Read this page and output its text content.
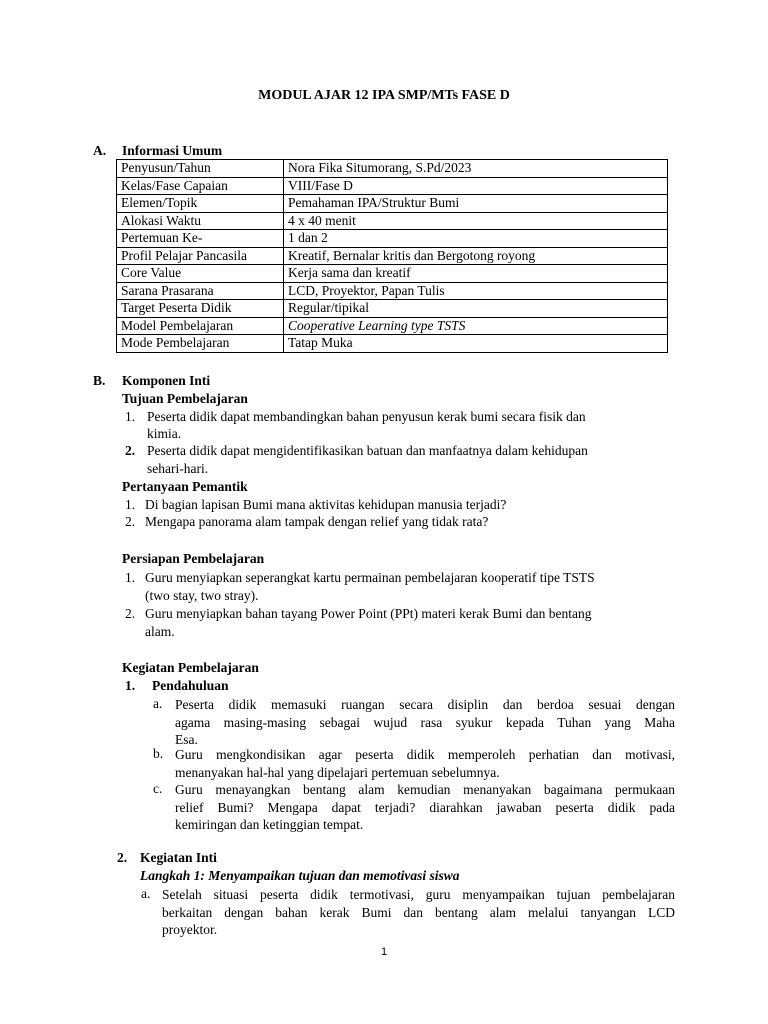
MODUL AJAR 12 IPA SMP/MTs FASE D
A. Informasi Umum
Penyusun/Tahun	Nora Fika Situmorang, S.Pd/2023
Kelas/Fase Capaian	VIII/Fase D
Elemen/Topik	Pemahaman IPA/Struktur Bumi
Alokasi Waktu	4 x 40 menit
Pertemuan Ke-	1 dan 2
Profil Pelajar Pancasila	Kreatif, Bernalar kritis dan Bergotong royong
Core Value	Kerja sama dan kreatif
Sarana Prasarana	LCD, Proyektor, Papan Tulis
Target Peserta Didik	Regular/tipikal
Model Pembelajaran	Cooperative Learning type TSTS
Mode Pembelajaran	Tatap Muka
B. Komponen Inti
Tujuan Pembelajaran
1. Peserta didik dapat membandingkan bahan penyusun kerak bumi secara fisik dan
kimia.
2. Peserta didik dapat mengidentifikasikan batuan dan manfaatnya dalam kehidupan
sehari-hari.
Pertanyaan Pemantik
1. Di bagian lapisan Bumi mana aktivitas kehidupan manusia terjadi?
2. Mengapa panorama alam tampak dengan relief yang tidak rata?
Persiapan Pembelajaran
1. Guru menyiapkan seperangkat kartu permainan pembelajaran kooperatif tipe TSTS
(two stay, two stray).
2. Guru menyiapkan bahan tayang Power Point (PPt) materi kerak Bumi dan bentang
alam.
Kegiatan Pembelajaran
1. Pendahuluan
a. Peserta didik memasuki ruangan secara disiplin dan berdoa sesuai dengan
agama masing-masing sebagai wujud rasa syukur kepada Tuhan yang Maha
Esa.
b. Guru mengkondisikan agar peserta didik memperoleh perhatian dan motivasi,
menanyakan hal-hal yang dipelajari pertemuan sebelumnya.
c. Guru menayangkan bentang alam kemudian menanyakan bagaimana permukaan
relief Bumi? Mengapa dapat terjadi? diarahkan jawaban peserta didik pada
kemiringan dan ketinggian tempat.
2. Kegiatan Inti
Langkah 1: Menyampaikan tujuan dan memotivasi siswa
a. Setelah situasi peserta didik termotivasi, guru menyampaikan tujuan pembelajaran
berkaitan dengan bahan kerak Bumi dan bentang alam melalui tanyangan LCD
proyektor.
1
